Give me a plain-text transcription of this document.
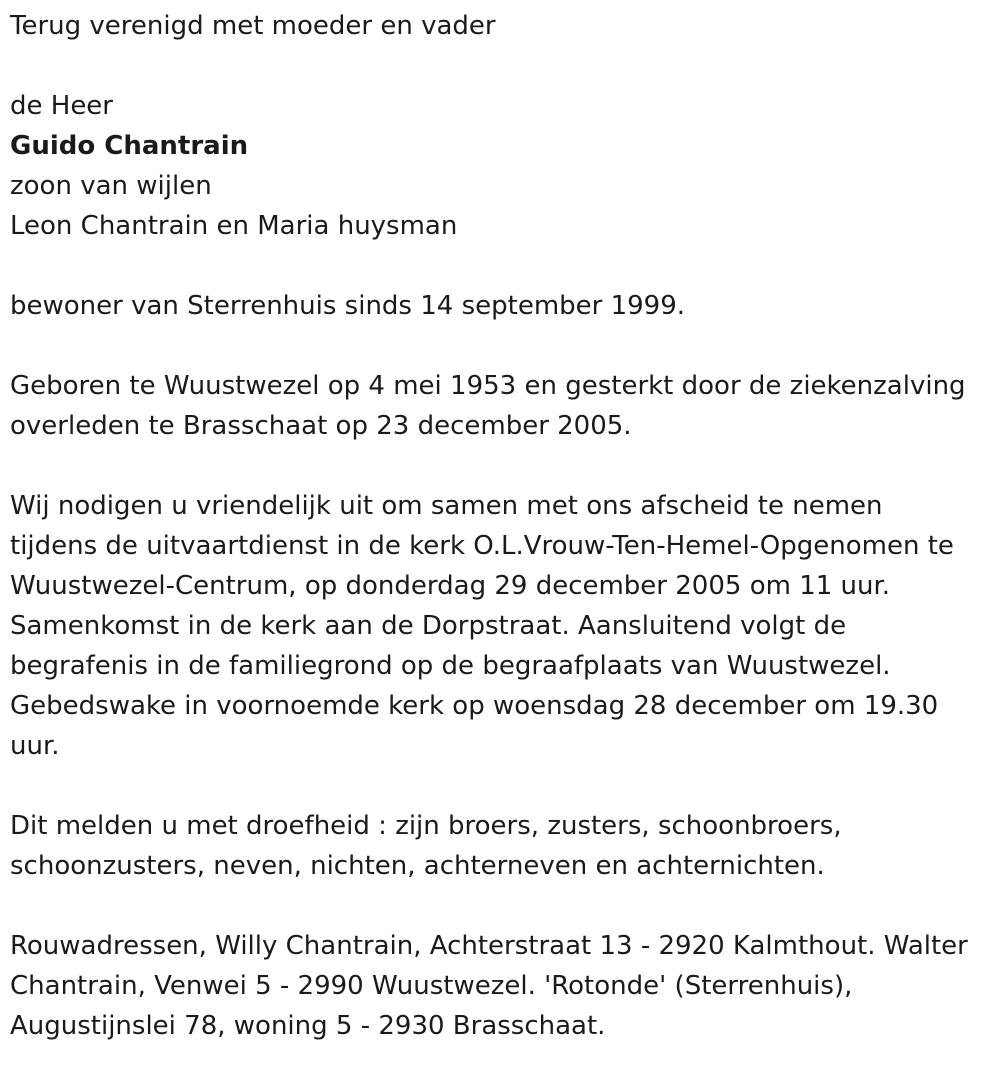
Terug verenigd met moeder en vader

de Heer

Guido Chantrain

zoon van wijlen

Leon Chantrain en Maria huysman

bewoner van Sterrenhuis sinds 14 september 1999.

Geboren te Wuustwezel op 4 mei 1953 en gesterkt door de ziekenzalving

overleden te Brasschaat op 23 december 2005.

Wij nodigen u vriendelijk uit om samen met ons afscheid te nemen

tijdens de uitvaartdienst in de kerk O.L.Vrouw-Ten-Hemel-Opgenomen te

Wuustwezel-Centrum, op donderdag 29 december 2005 om 11 uur.

Samenkomst in de kerk aan de Dorpstraat. Aansluitend volgt de

begrafenis in de familiegrond op de begraafplaats van Wuustwezel.

Gebedswake in voornoemde kerk op woensdag 28 december om 19.30

uur.

Dit melden u met droefheid : zijn broers, zusters, schoonbroers,

schoonzusters, neven, nichten, achterneven en achternichten.

Rouwadressen, Willy Chantrain, Achterstraat 13 - 2920 Kalmthout. Walter

Chantrain, Venwei 5 - 2990 Wuustwezel. 'Rotonde' (Sterrenhuis),

Augustijnslei 78, woning 5 - 2930 Brasschaat.
